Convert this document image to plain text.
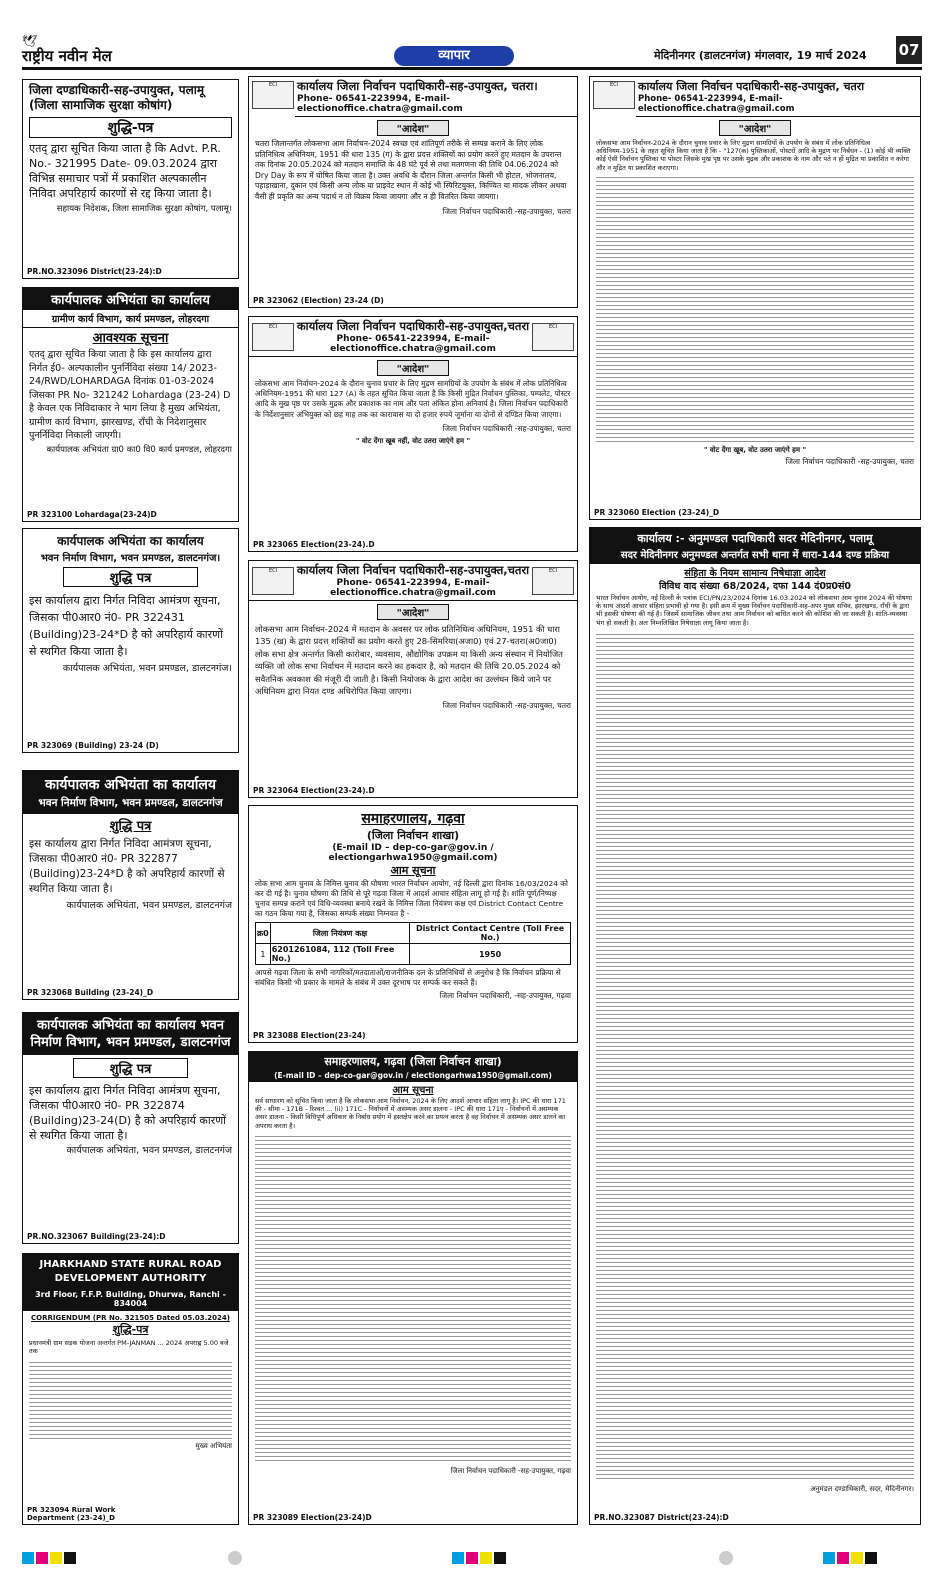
🕊
राष्ट्रीय नवीन मेल	व्यापार	मेदिनीनगर (डालटनगंज) मंगलवार, 19 मार्च 2024 07
जिला दण्डाधिकारी-सह-उपायुक्त, पलामू (जिला सामाजिक सुरक्षा कोषांग)
शुद्धि-पत्र
एतद् द्वारा सूचित किया जाता है कि Advt. P.R. No.- 321995 Date- 09.03.2024 द्वारा विभिन्न समाचार पत्रों में प्रकाशित अल्पकालीन निविदा अपरिहार्य कारणों से रद्द किया जाता है।
सहायक निदेशक, जिला सामाजिक सुरक्षा कोषांग, पलामू।
PR.NO.323096 District(23-24):D
कार्यपालक अभियंता का कार्यालय
ग्रामीण कार्य विभाग, कार्य प्रमण्डल, लोहरदगा
आवश्यक सूचना
एतद् द्वारा सूचित किया जाता है कि इस कार्यालय द्वारा निर्गत ई0- अल्पकालीन पुनर्निविदा संख्या 14/ 2023-24/RWD/LOHARDAGA दिनांक 01-03-2024 जिसका PR No- 321242 Lohardaga (23-24) D है केवल एक निविदाकार ने भाग लिया है मुख्य अभियंता, ग्रामीण कार्य विभाग, झारखण्ड, राँची के निदेशानुसार पुनर्निविदा निकाली जाएगी।
कार्यपालक अभियंता ग्रा0 का0 वि0 कार्य प्रमण्डल, लोहरदगा
PR 323100 Lohardaga(23-24)D
कार्यपालक अभियंता का कार्यालय
भवन निर्माण विभाग, भवन प्रमण्डल, डालटनगंज।
शुद्धि पत्र
इस कार्यालय द्वारा निर्गत निविदा आमंत्रण सूचना, जिसका पी0आर0 नं0- PR 322431 (Building)23-24*D है को अपरिहार्य कारणों से स्थगित किया जाता है।
कार्यपालक अभियंता, भवन प्रमण्डल, डालटनगंज।
PR 323069 (Building) 23-24 (D)
कार्यपालक अभियंता का कार्यालय
भवन निर्माण विभाग, भवन प्रमण्डल, डालटनगंज
शुद्धि पत्र
इस कार्यालय द्वारा निर्गत निविदा आमंत्रण सूचना, जिसका पी0आर0 नं0- PR 322877 (Building)23-24*D है को अपरिहार्य कारणों से स्थगित किया जाता है।
कार्यपालक अभियंता, भवन प्रमण्डल, डालटनगंज
PR 323068 Building (23-24)_D
कार्यपालक अभियंता का कार्यालय भवन निर्माण विभाग, भवन प्रमण्डल, डालटनगंज
शुद्धि पत्र
इस कार्यालय द्वारा निर्गत निविदा आमंत्रण सूचना, जिसका पी0आर0 नं0- PR 322874 (Building)23-24(D) है को अपरिहार्य कारणों से स्थगित किया जाता है।
कार्यपालक अभियंता, भवन प्रमण्डल, डालटनगंज
PR.NO.323067 Building(23-24):D
JHARKHAND STATE RURAL ROAD DEVELOPMENT AUTHORITY
3rd Floor, F.F.P. Building, Dhurwa, Ranchi - 834004
CORRIGENDUM (PR No. 321505 Dated 05.03.2024)
शुद्धि-पत्र
प्रधानमंत्री ग्राम सड़क योजना अन्तर्गत PM-JANMAN ... 2024 अपराह्न 5.00 बजे तक
मुख्य अभियंता
PR 323094 Rural Work Department (23-24)_D
ECI	कार्यालय जिला निर्वाचन पदाधिकारी-सह-उपायुक्त, चतरा।
Phone- 06541-223994, E-mail-electionoffice.chatra@gmail.com
"आदेश"
चतरा जिलान्तर्गत लोकसभा आम निर्वाचन-2024 स्वच्छ एवं शांतिपूर्ण तरीके से सम्पन्न कराने के लिए लोक प्रतिनिधित्व अधिनियम, 1951 की धारा 135 (ग) के द्वारा प्रदत्त शक्तियों का प्रयोग करते हुए मतदान के उपरान्त तक दिनांक 20.05.2024 को मतदान समाप्ति के 48 घंटे पूर्व से तथा मतगणना की तिथि 04.06.2024 को Dry Day के रूप में घोषित किया जाता है। उक्त अवधि के दौरान जिला अन्तर्गत किसी भी होटल, भोजनालय, पहाड़ाखाना, दुकान एवं किसी अन्य लोक या प्राइवेट स्थान में कोई भी स्पिरिटयुक्त, किण्वित या मादक लीकर अथवा वैसी ही प्रकृति का अन्य पदार्थ न तो विक्रय किया जायगा और न ही वितरित किया जायगा।
जिला निर्वाचन पदाधिकारी -सह-उपायुक्त, चतरा
PR 323062 (Election) 23-24 (D)
ECI	ECI
कार्यालय जिला निर्वाचन पदाधिकारी-सह-उपायुक्त,चतरा
Phone- 06541-223994, E-mail-electionoffice.chatra@gmail.com
"आदेश"
लोकसभा आम निर्वाचन-2024 के दौरान चुनाव प्रचार के लिए मुद्रण सामग्रियों के उपयोग के संबंध में लोक प्रतिनिधित्व अधिनियम-1951 की धारा 127 (A) के तहत सूचित किया जाता है कि किसी मुद्रित निर्वाचन पुस्तिका, पम्पलेट, पोस्टर आदि के मुख पृष्ठ पर उसके मुद्रक और प्रकाशक का नाम और पता अंकित होना अनिवार्य है। जिला निर्वाचन पदाधिकारी के निर्देशानुसार अभियुक्त को छह माह तक का कारावास या दो हजार रुपये जुर्माना या दोनों से दण्डित किया जाएगा।
जिला निर्वाचन पदाधिकारी -सह-उपायुक्त, चतरा
" वोट देंगा खूब नहीं, वोट उतरा जाएंगे हम "
PR 323065 Election(23-24).D
ECI	ECI
कार्यालय जिला निर्वाचन पदाधिकारी-सह-उपायुक्त,चतरा
Phone- 06541-223994, E-mail-electionoffice.chatra@gmail.com
"आदेश"
लोकसभा आम निर्वाचन-2024 में मतदान के अवसर पर लोक प्रतिनिधित्व अधिनियम, 1951 की धारा 135 (ख) के द्वारा प्रदत्त शक्तियों का प्रयोग करते हुए 28-सिमरिया(अजा0) एवं 27-चतरा(अ0जा0) लोक सभा क्षेत्र अन्तर्गत किसी कारोबार, व्यवसाय, औद्योगिक उपक्रम या किसी अन्य संस्थान में नियोजित व्यक्ति जो लोक सभा निर्वाचन में मतदान करने का हकदार है, को मतदान की तिथि 20.05.2024 को सवैतनिक अवकाश की मंजूरी दी जाती है। किसी नियोजक के द्वारा आदेश का उल्लंघन किये जाने पर अधिनियम द्वारा नियत दण्ड अधिरोपित किया जाएगा।
जिला निर्वाचन पदाधिकारी -सह-उपायुक्त, चतरा
PR 323064 Election(23-24).D
समाहरणालय, गढ़वा
(जिला निर्वाचन शाखा)
(E-mail ID – dep-co-gar@gov.in / electiongarhwa1950@gmail.com)
आम सूचना
लोक सभा आम चुनाव के निमित्त चुनाव की घोषणा भारत निर्वाचन आयोग, नई दिल्ली द्वारा दिनांक 16/03/2024 को कर दी गई है। चुनाव घोषणा की तिथि से पूरे गढ़वा जिला में आदर्श आचार संहिता लागू हो गई है। शांति पूर्ण/निष्पक्ष चुनाव सम्पन्न कराने एवं विधि-व्यवस्था बनाये रखने के निमित्त जिला नियंत्रण कक्ष एवं District Contact Centre का गठन किया गया है, जिसका सम्पर्क संख्या निम्नवत है -
क्र0	जिला नियंत्रण कक्ष	District Contact Centre (Toll Free No.)
1	6201261084, 112 (Toll Free No.)	1950
आपसे गढ़वा जिला के सभी नागरिकों/मतदाताओं/राजनीतिक दल के प्रतिनिधियों से अनुरोध है कि निर्वाचन प्रक्रिया से संबंधित किसी भी प्रकार के मामले के संबंध में उक्त दूरभाष पर सम्पर्क कर सकते हैं।
जिला निर्वाचन पदाधिकारी, -सह-उपायुक्त, गढ़वा
PR 323088 Election(23-24)
समाहरणालय, गढ़वा (जिला निर्वाचन शाखा)
(E-mail ID – dep-co-gar@gov.in / electiongarhwa1950@gmail.com)
आम सूचना
सर्व साधारण को सूचित किया जाता है कि लोकसभा आम निर्वाचन, 2024 के लिए आदर्श आचार संहिता लागू है। IPC की धारा 171 की - सीमा - 171B - रिश्वत ... (ii) 171C - निर्वाचनों में असम्यक असर डालना - IPC की धारा 171ए - निर्वाचनों में असम्यक असर डालना - किसी विधिपूर्ण अधिकार के निर्बाध प्रयोग में हस्तक्षेप करने का प्रयत्न करता है वह निर्वाचन में असम्यक असर डालने का अपराध करता है।
जिला निर्वाचन पदाधिकारी -सह-उपायुक्त, गढ़वा
PR 323089 Election(23-24)D
ECI	कार्यालय जिला निर्वाचन पदाधिकारी-सह-उपायुक्त, चतरा
Phone- 06541-223994, E-mail-electionoffice.chatra@gmail.com
"आदेश"
लोकसभा आम निर्वाचन-2024 के दौरान चुनाव प्रचार के लिए मुद्रण सामग्रियों के उपयोग के संबंध में लोक प्रतिनिधित्व अधिनियम-1951 के तहत सूचित किया जाता है कि - "127(क) पुस्तिकाओं, पोस्टरों आदि के मुद्रण पर निर्बंधन - (1) कोई भी व्यक्ति कोई ऐसी निर्वाचन पुस्तिका या पोस्टर जिसके मुख पृष्ठ पर उसके मुद्रक और प्रकाशक के नाम और पते न हों मुद्रित या प्रकाशित न करेगा और न मुद्रित या प्रकाशित कराएगा।
" वोट देंगा खूब, वोट उतरा जाएंगे हम "
जिला निर्वाचन पदाधिकारी -सह-उपायुक्त, चतरा
PR 323060 Election (23-24)_D
कार्यालय :- अनुमण्डल पदाधिकारी सदर मेदिनीनगर, पलामू
सदर मेदिनीनगर अनुमण्डल अन्तर्गत सभी थाना में धारा-144 दण्ड प्रक्रिया
संहिता के नियम सामान्य निषेधाज्ञा आदेश
विविध वाद संख्या 68/2024, दफा 144 दं0प्र0सं0
भारत निर्वाचन आयोग, नई दिल्ली के पत्रांक ECI/PN/23/2024 दिनांक 16.03.2024 को लोकसभा आम चुनाव 2024 की घोषणा के साथ आदर्श आचार संहिता प्रभावी हो गया है। इसी क्रम में मुख्य निर्वाचन पदाधिकारी-सह-अपर मुख्य सचिव, झारखण्ड, राँची के द्वारा भी इसकी घोषणा की गई है। जिसमें सामाजिक जीवन तथा आम निर्वाचन को बाधित करने की कोशिश की जा सकती है। शांति-व्यवस्था भंग हो सकती है। अतः निम्नलिखित निषेधाज्ञा लागू किया जाता है।
अनुमंडल दण्डाधिकारी, सदर, मेदिनीनगर।
PR.NO.323087 District(23-24):D
